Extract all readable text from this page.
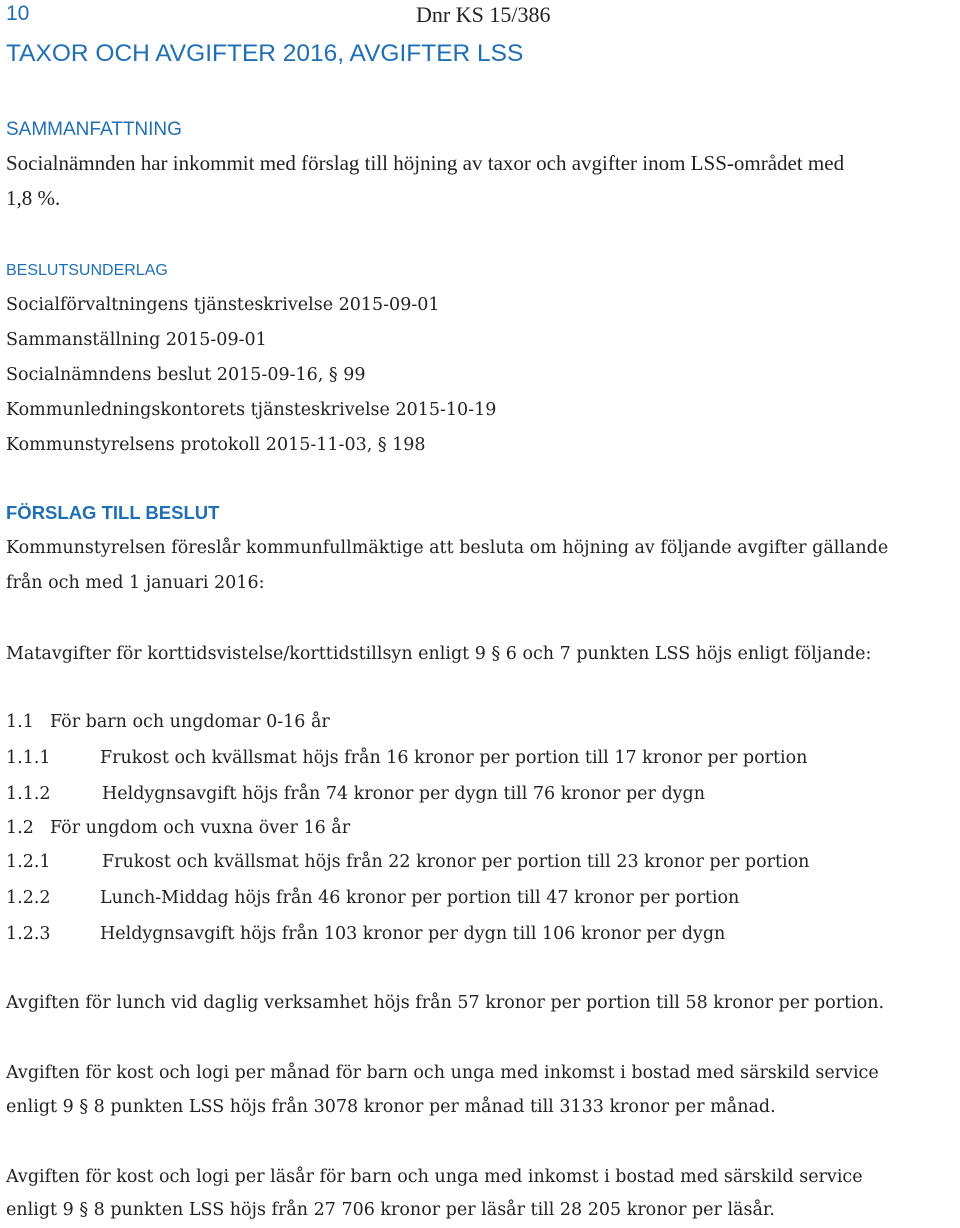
10	Dnr KS 15/386
TAXOR OCH AVGIFTER 2016, AVGIFTER LSS
SAMMANFATTNING
Socialnämnden har inkommit med förslag till höjning av taxor och avgifter inom LSS-området med
1,8 %.
BESLUTSUNDERLAG
Socialförvaltningens tjänsteskrivelse 2015-09-01
Sammanställning 2015-09-01
Socialnämndens beslut 2015-09-16, § 99
Kommunledningskontorets tjänsteskrivelse 2015-10-19
Kommunstyrelsens protokoll 2015-11-03, § 198
FÖRSLAG TILL BESLUT
Kommunstyrelsen föreslår kommunfullmäktige att besluta om höjning av följande avgifter gällande
från och med 1 januari 2016:
Matavgifter för korttidsvistelse/korttidstillsyn enligt 9 § 6 och 7 punkten LSS höjs enligt följande:
1.1 För barn och ungdomar 0-16 år
1.1.1	Frukost och kvällsmat höjs från 16 kronor per portion till 17 kronor per portion
1.1.2	Heldygnsavgift höjs från 74 kronor per dygn till 76 kronor per dygn
1.2 För ungdom och vuxna över 16 år
1.2.1	Frukost och kvällsmat höjs från 22 kronor per portion till 23 kronor per portion
1.2.2	Lunch-Middag höjs från 46 kronor per portion till 47 kronor per portion
1.2.3	Heldygnsavgift höjs från 103 kronor per dygn till 106 kronor per dygn
Avgiften för lunch vid daglig verksamhet höjs från 57 kronor per portion till 58 kronor per portion.
Avgiften för kost och logi per månad för barn och unga med inkomst i bostad med särskild service
enligt 9 § 8 punkten LSS höjs från 3078 kronor per månad till 3133 kronor per månad.
Avgiften för kost och logi per läsår för barn och unga med inkomst i bostad med särskild service
enligt 9 § 8 punkten LSS höjs från 27 706 kronor per läsår till 28 205 kronor per läsår.
